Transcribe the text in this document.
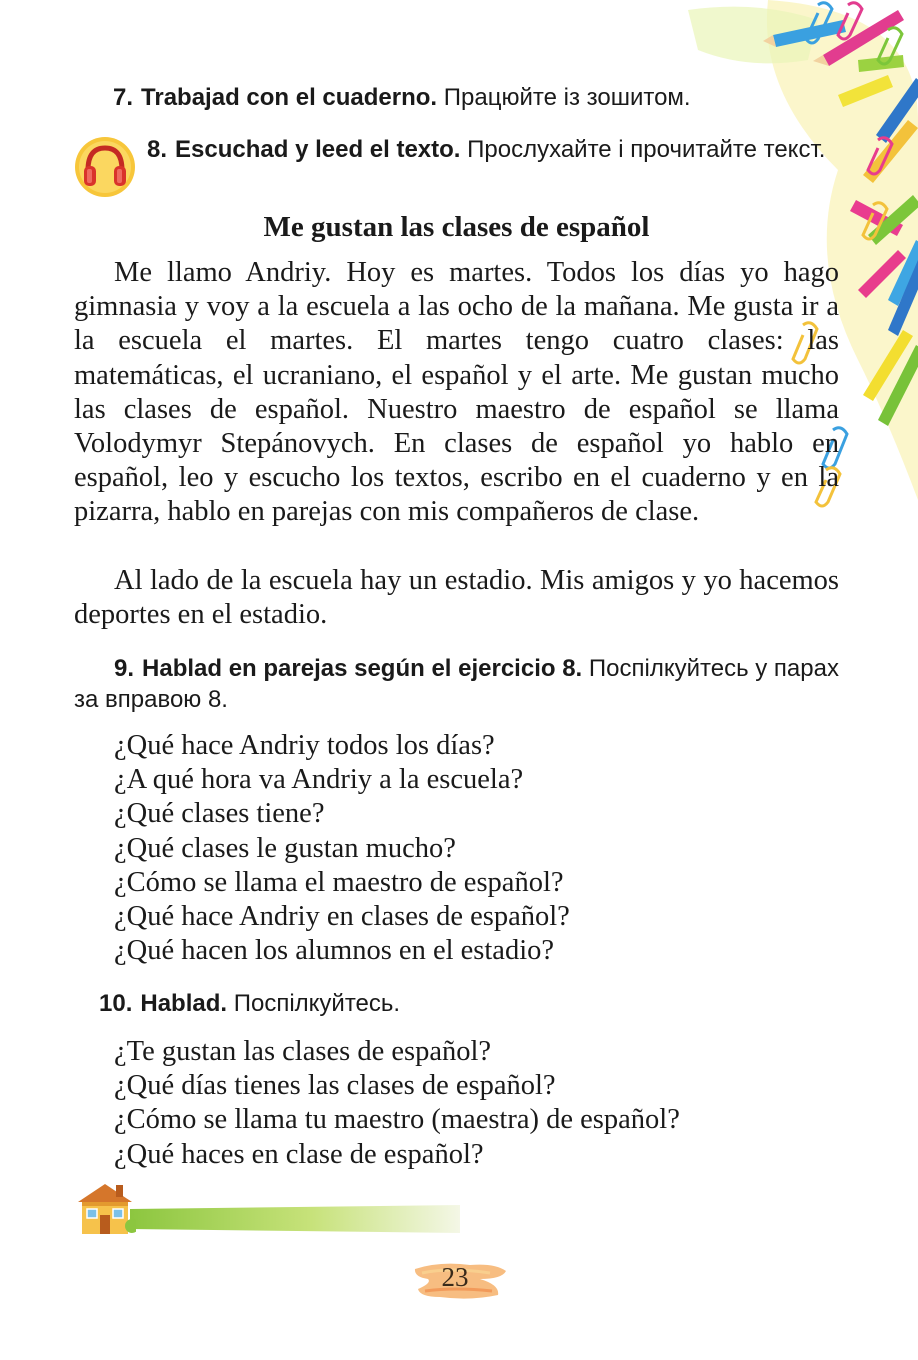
7. Trabajad con el cuaderno. Працюйте із зошитом.
8. Escuchad y leed el texto. Прослухайте і прочитайте текст.
Me gustan las clases de español

Me llamo Andriy. Hoy es martes. Todos los días yo hago gimnasia y voy a la escuela a las ocho de la mañana. Me gusta ir a la escuela el martes. El martes tengo cuatro clases: las matemáticas, el ucraniano, el español y el arte. Me gustan mucho las clases de español. Nuestro maestro de español se llama Volodymyr Stepánovych. En clases de español yo hablo en español, leo y escucho los textos, escribo en el cuaderno y en la pizarra, hablo en parejas con mis compañeros de clase.

Al lado de la escuela hay un estadio. Mis amigos y yo hacemos deportes en el estadio.

9. Hablad en parejas según el ejercicio 8. Поспілкуйтесь у парах за вправою 8.
¿Qué hace Andriy todos los días?
¿A qué hora va Andriy a la escuela?
¿Qué clases tiene?
¿Qué clases le gustan mucho?
¿Cómo se llama el maestro de español?
¿Qué hace Andriy en clases de español?
¿Qué hacen los alumnos en el estadio?
10. Hablad. Поспілкуйтесь.
¿Te gustan las clases de español?
¿Qué días tienes las clases de español?
¿Cómo se llama tu maestro (maestra) de español?
¿Qué haces en clase de español?
23
